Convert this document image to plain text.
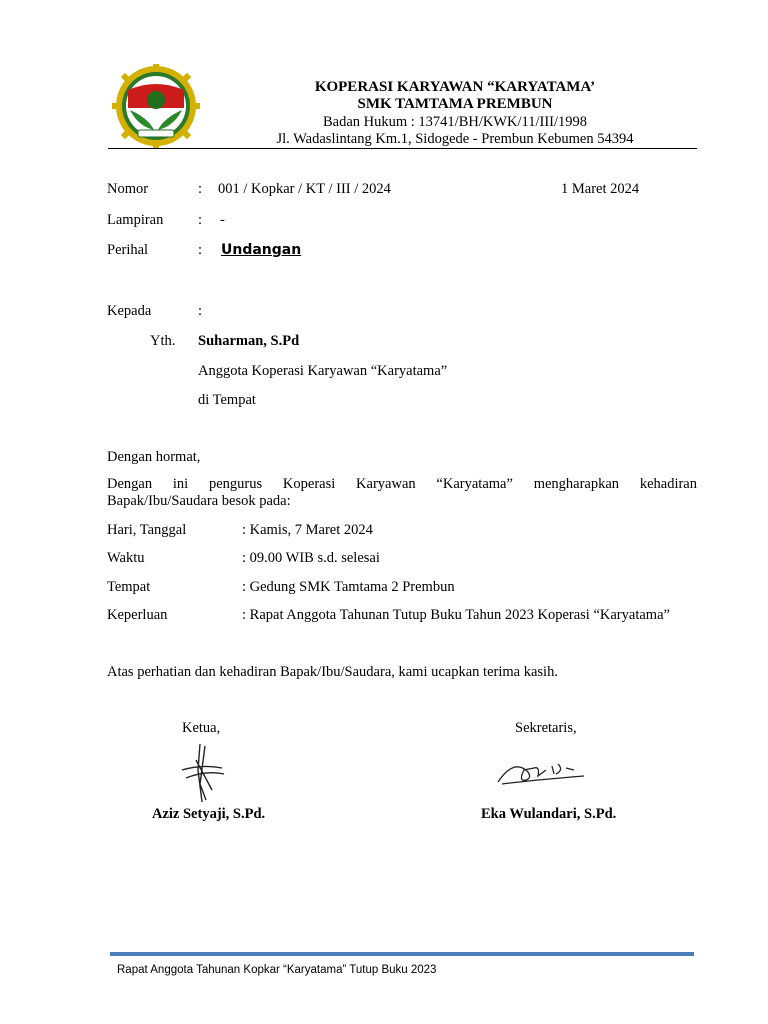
KOPERASI KARYAWAN “KARYATAMA’
SMK TAMTAMA PREMBUN
Badan Hukum : 13741/BH/KWK/11/III/1998
Jl. Wadaslintang Km.1, Sidogede - Prembun Kebumen 54394
Nomor	: 001 / Kopkar / KT / III / 2024	1 Maret 2024
Lampiran : -
Perihal	: Undangan
Kepada	:
Yth. Suharman, S.Pd
Anggota Koperasi Karyawan “Karyatama”
di Tempat
Dengan hormat,
Dengan ini pengurus Koperasi Karyawan “Karyatama” mengharapkan kehadiran
Bapak/Ibu/Saudara besok pada:
Hari, Tanggal	: Kamis, 7 Maret 2024
Waktu	: 09.00 WIB s.d. selesai
Tempat	: Gedung SMK Tamtama 2 Prembun
Keperluan	: Rapat Anggota Tahunan Tutup Buku Tahun 2023 Koperasi “Karyatama”
Atas perhatian dan kehadiran Bapak/Ibu/Saudara, kami ucapkan terima kasih.
Ketua,	Sekretaris,
Aziz Setyaji, S.Pd.	Eka Wulandari, S.Pd.
Rapat Anggota Tahunan Kopkar “Karyatama” Tutup Buku 2023
